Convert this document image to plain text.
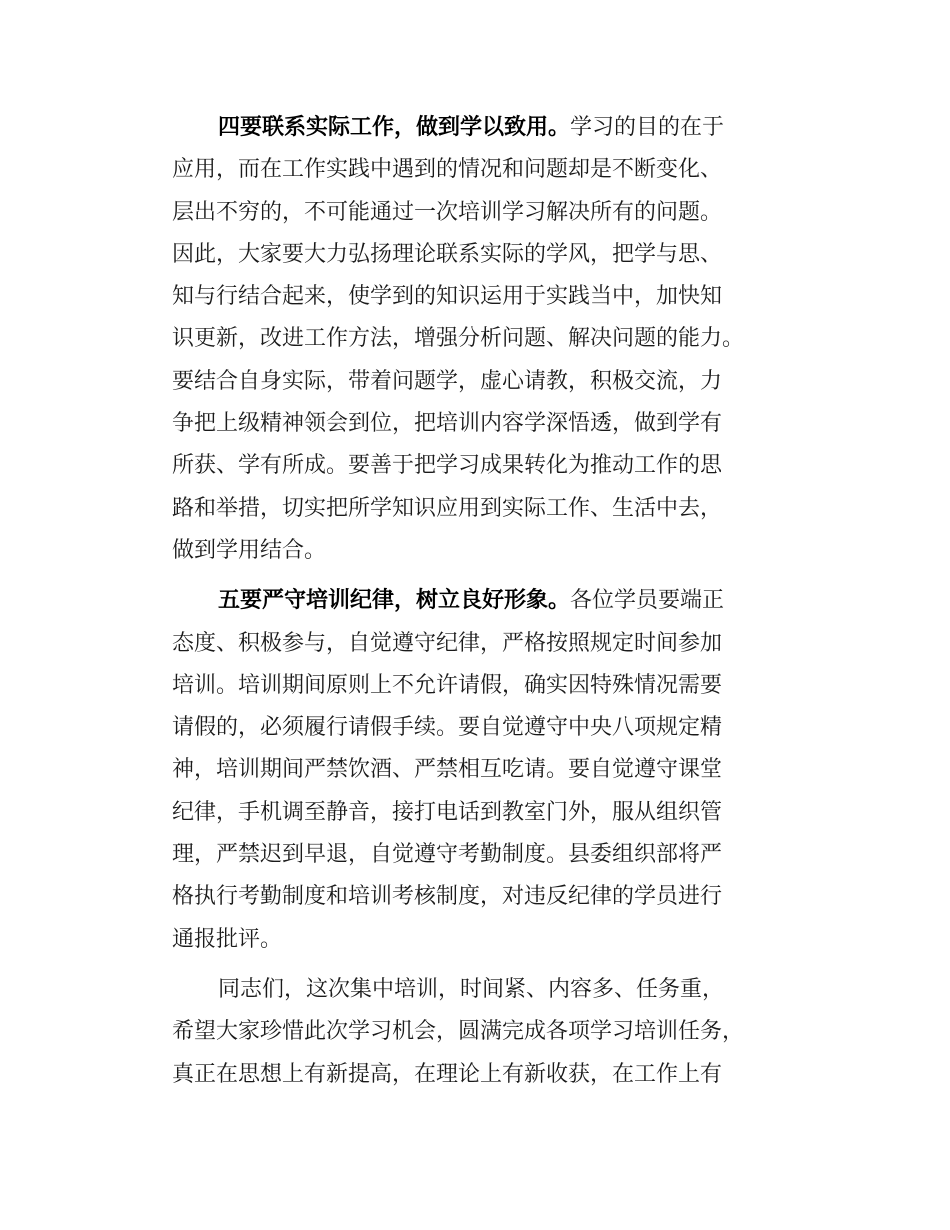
四要联系实际工作，做到学以致用。学习的目的在于
应用，而在工作实践中遇到的情况和问题却是不断变化、
层出不穷的，不可能通过一次培训学习解决所有的问题。
因此，大家要大力弘扬理论联系实际的学风，把学与思、
知与行结合起来，使学到的知识运用于实践当中，加快知
识更新，改进工作方法，增强分析问题、解决问题的能力。
要结合自身实际，带着问题学，虚心请教，积极交流，力
争把上级精神领会到位，把培训内容学深悟透，做到学有
所获、学有所成。要善于把学习成果转化为推动工作的思
路和举措，切实把所学知识应用到实际工作、生活中去，
做到学用结合。
五要严守培训纪律，树立良好形象。各位学员要端正
态度、积极参与，自觉遵守纪律，严格按照规定时间参加
培训。培训期间原则上不允许请假，确实因特殊情况需要
请假的，必须履行请假手续。要自觉遵守中央八项规定精
神，培训期间严禁饮酒、严禁相互吃请。要自觉遵守课堂
纪律，手机调至静音，接打电话到教室门外，服从组织管
理，严禁迟到早退，自觉遵守考勤制度。县委组织部将严
格执行考勤制度和培训考核制度，对违反纪律的学员进行
通报批评。
同志们，这次集中培训，时间紧、内容多、任务重，
希望大家珍惜此次学习机会，圆满完成各项学习培训任务，
真正在思想上有新提高，在理论上有新收获，在工作上有
